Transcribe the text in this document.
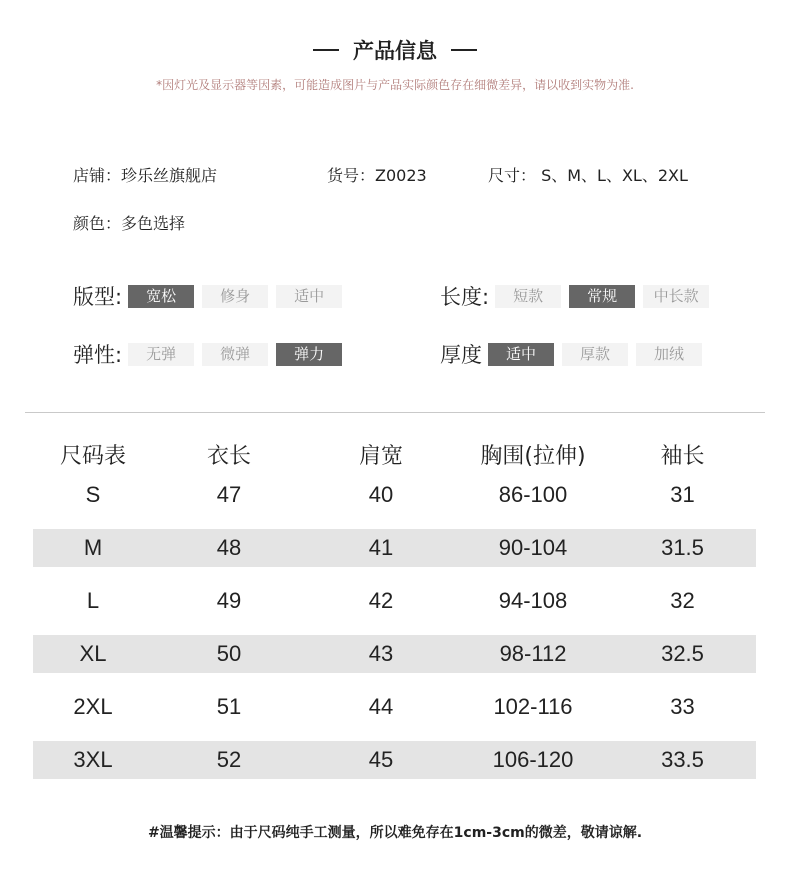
产品信息
*因灯光及显示器等因素，可能造成图片与产品实际颜色存在细微差异，请以收到实物为准.
店铺：珍乐丝旗舰店	货号：Z0023	尺寸： S、M、L、XL、2XL
颜色：多色选择
版型:	宽松	修身	适中	长度:	短款	常规	中长款
弹性:	无弹	微弹	弹力	厚度	适中	厚款	加绒
尺码表	衣长	肩宽	胸围(拉伸)	袖长
S	47	40	86-100	31
M	48	41	90-104	31.5
L	49	42	94-108	32
XL	50	43	98-112	32.5
2XL	51	44	102-116	33
3XL	52	45	106-120	33.5
#温馨提示：由于尺码纯手工测量，所以难免存在1cm-3cm的微差，敬请谅解.
